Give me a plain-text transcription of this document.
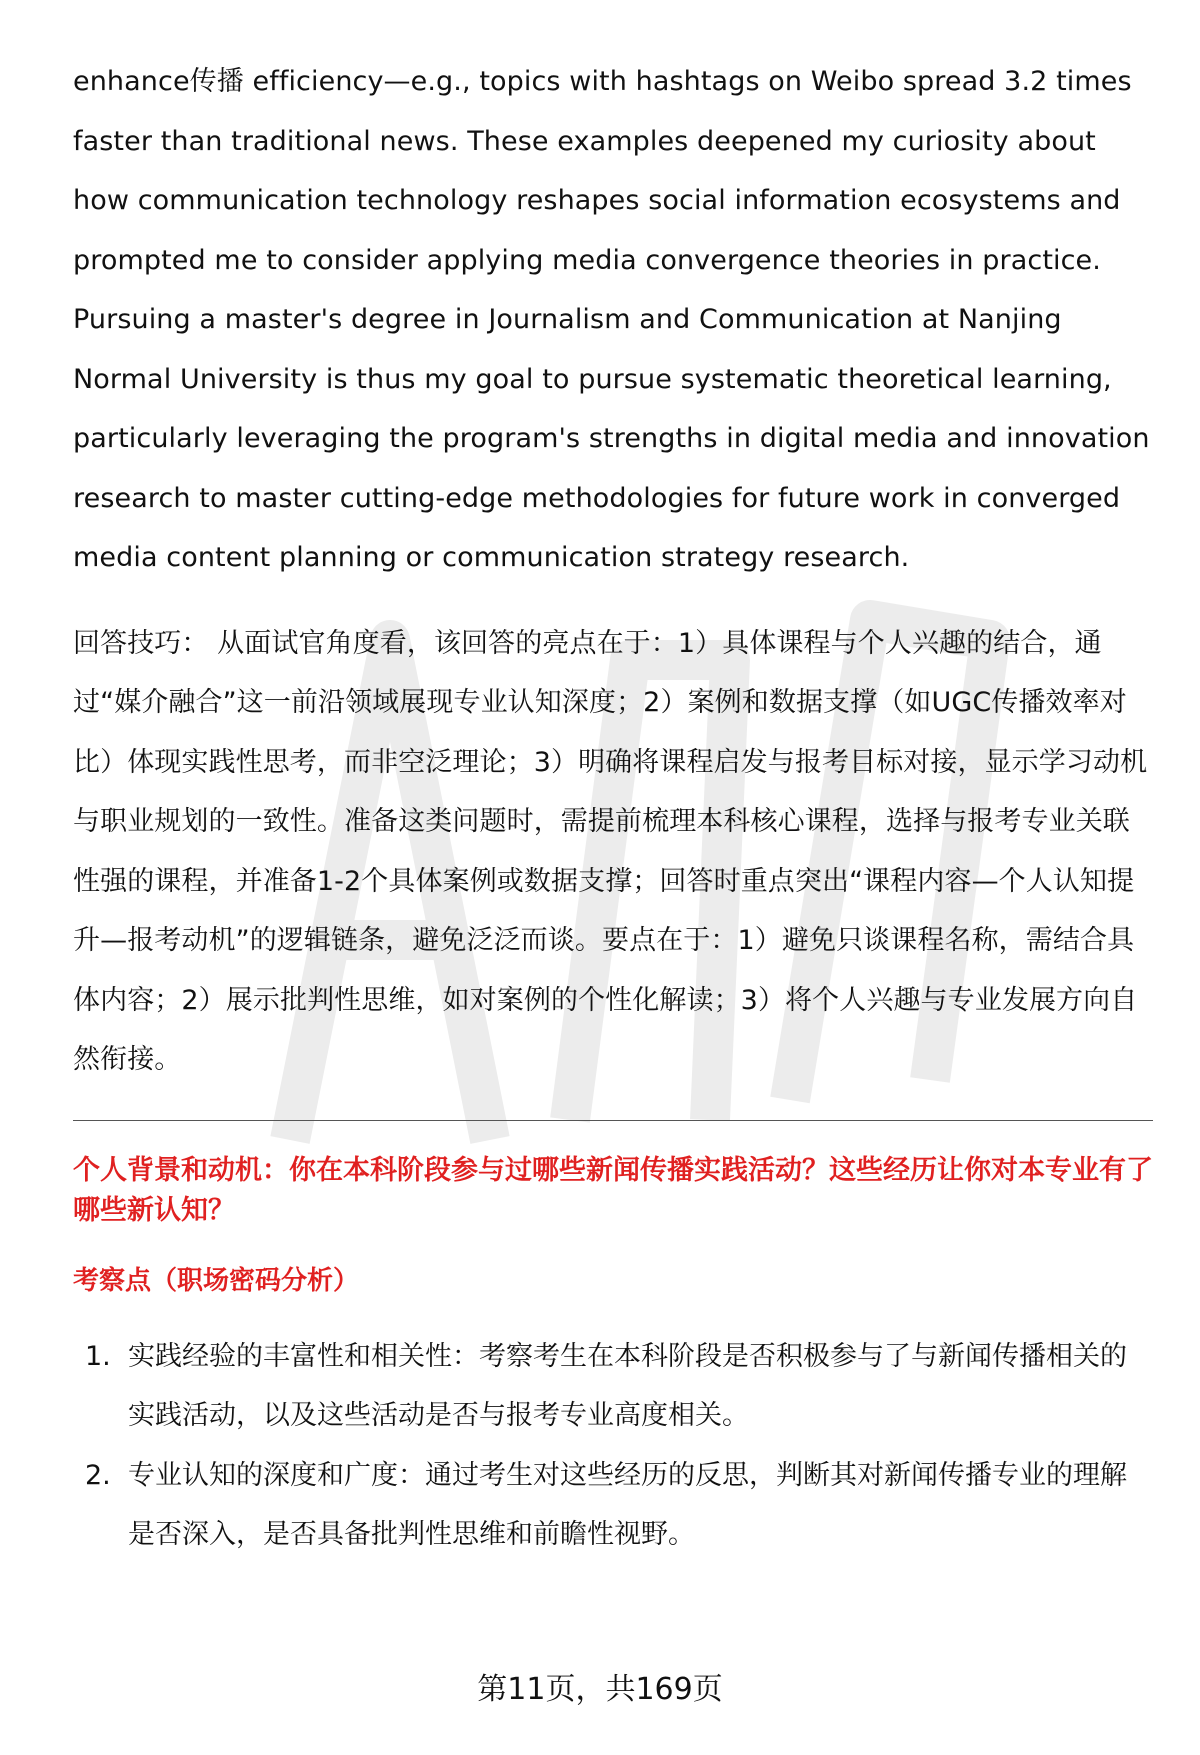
enhance传播 efficiency—e.g., topics with hashtags on Weibo spread 3.2 times faster than traditional news. These examples deepened my curiosity about how communication technology reshapes social information ecosystems and prompted me to consider applying media convergence theories in practice. Pursuing a master's degree in Journalism and Communication at Nanjing Normal University is thus my goal to pursue systematic theoretical learning, particularly leveraging the program's strengths in digital media and innovation research to master cutting-edge methodologies for future work in converged media content planning or communication strategy research.

回答技巧： 从面试官角度看，该回答的亮点在于：1）具体课程与个人兴趣的结合，通过“媒介融合”这一前沿领域展现专业认知深度；2）案例和数据支撑（如UGC传播效率对比）体现实践性思考，而非空泛理论；3）明确将课程启发与报考目标对接，显示学习动机与职业规划的一致性。准备这类问题时，需提前梳理本科核心课程，选择与报考专业关联性强的课程，并准备1-2个具体案例或数据支撑；回答时重点突出“课程内容—个人认知提升—报考动机”的逻辑链条，避免泛泛而谈。要点在于：1）避免只谈课程名称，需结合具体内容；2）展示批判性思维，如对案例的个性化解读；3）将个人兴趣与专业发展方向自然衔接。

个人背景和动机：你在本科阶段参与过哪些新闻传播实践活动？这些经历让你对本专业有了哪些新认知？

考察点（职场密码分析）

1. 实践经验的丰富性和相关性：考察考生在本科阶段是否积极参与了与新闻传播相关的实践活动，以及这些活动是否与报考专业高度相关。
2. 专业认知的深度和广度：通过考生对这些经历的反思，判断其对新闻传播专业的理解是否深入，是否具备批判性思维和前瞻性视野。
第11页，共169页
